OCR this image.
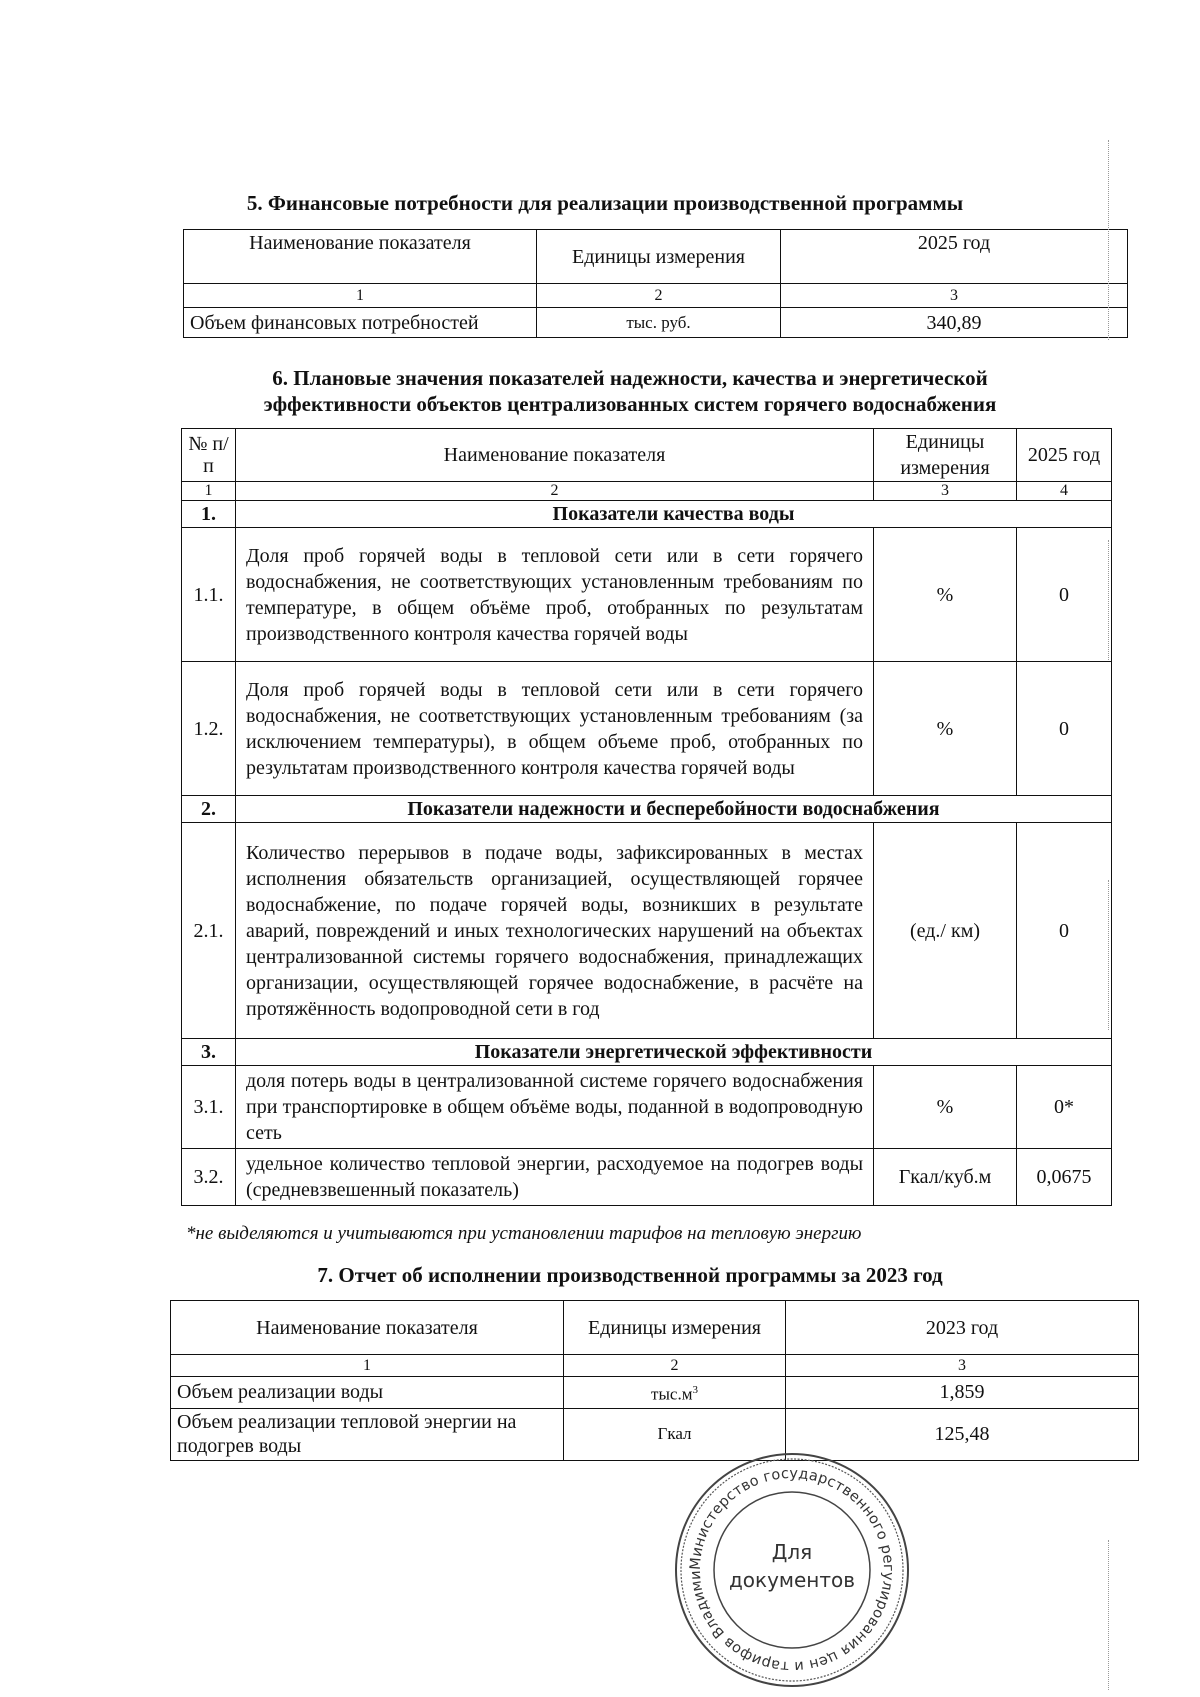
5. Финансовые потребности для реализации производственной программы
Наименование показателя	Единицы измерения	2025 год
1	2	3
Объем финансовых потребностей	тыс. руб.	340,89
6. Плановые значения показателей надежности, качества и энергетической
эффективности объектов централизованных систем горячего водоснабжения
№ п/п	Наименование показателя	Единицы измерения	2025 год
1	2	3	4
1.	Показатели качества воды		
1.1.	Доля проб горячей воды в тепловой сети или в сети горячего водоснабжения, не соответствующих установленным требованиям по температуре, в общем объёме проб, отобранных по результатам производственного контроля качества горячей воды	%	0
1.2.	Доля проб горячей воды в тепловой сети или в сети горячего водоснабжения, не соответствующих установленным требованиям (за исключением температуры), в общем объеме проб, отобранных по результатам производственного контроля качества горячей воды	%	0
2.	Показатели надежности и бесперебойности водоснабжения		
2.1.	Количество перерывов в подаче воды, зафиксированных в местах исполнения обязательств организацией, осуществляющей горячее водоснабжение, по подаче горячей воды, возникших в результате аварий, повреждений и иных технологических нарушений на объектах централизованной системы горячего водоснабжения, принадлежащих организации, осуществляющей горячее водоснабжение, в расчёте на протяжённость водопроводной сети в год	(ед./ км)	0
3.	Показатели энергетической эффективности		
3.1.	доля потерь воды в централизованной системе горячего водоснабжения при транспортировке в общем объёме воды, поданной в водопроводную сеть	%	0*
3.2.	удельное количество тепловой энергии, расходуемое на подогрев воды (средневзвешенный показатель)	Гкал/куб.м	0,0675
*не выделяются и учитываются при установлении тарифов на тепловую энергию
7. Отчет об исполнении производственной программы за 2023 год
Наименование показателя	Единицы измерения	2023 год
1	2	3
Объем реализации воды	$тыс.м^3$	1,859
Объем реализации тепловой энергии на подогрев воды	Гкал	125,48
Министерство государственного регулирования цен и тарифов Владими
Для
документов
